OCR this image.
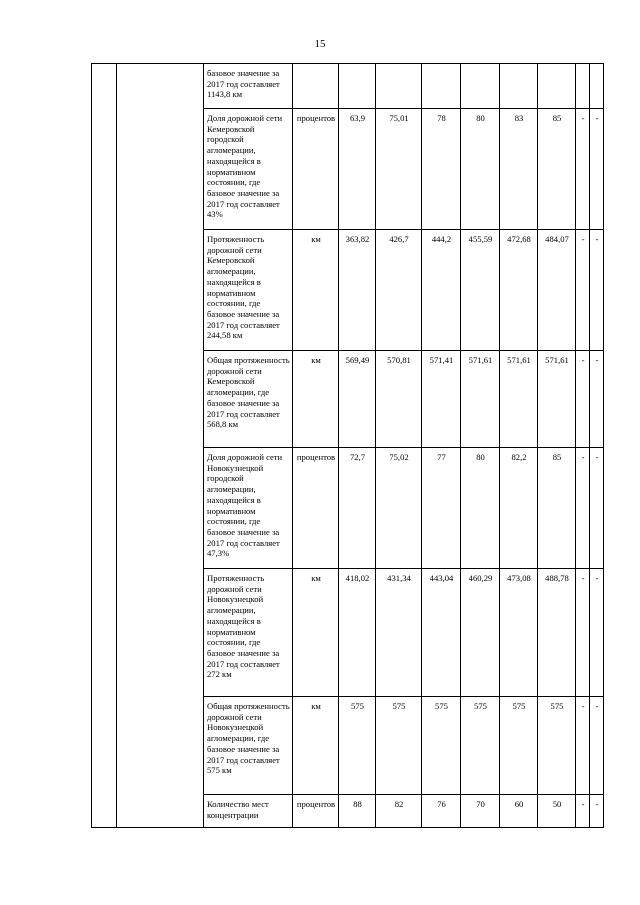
15
		базовое значение за 2017 год составляет 1143,8 км									
		Доля дорожной сети Кемеровской городской агломерации, находящейся в нормативном состоянии, где базовое значение за 2017 год составляет 43%	процентов	63,9	75,01	78	80	83	85	-	-
		Протяженность дорожной сети Кемеровской агломерации, находящейся в нормативном состоянии, где базовое значение за 2017 год составляет 244,58 км	км	363,82	426,7	444,2	455,59	472,68	484,07	-	-
		Общая протяженность дорожной сети Кемеровской агломерации, где базовое значение за 2017 год составляет 568,8 км	км	569,49	570,81	571,41	571,61	571,61	571,61	-	-
		Доля дорожной сети Новокузнецкой городской агломерации, находящейся в нормативном состоянии, где базовое значение за 2017 год составляет 47,3%	процентов	72,7	75,02	77	80	82,2	85	-	-
		Протяженность дорожной сети Новокузнецкой агломерации, находящейся в нормативном состоянии, где базовое значение за 2017 год составляет 272 км	км	418,02	431,34	443,04	460,29	473,08	488,78	-	-
		Общая протяженность дорожной сети Новокузнецкой агломерации, где базовое значение за 2017 год составляет 575 км	км	575	575	575	575	575	575	-	-
		Количество мест концентрации	процентов	88	82	76	70	60	50	-	-
